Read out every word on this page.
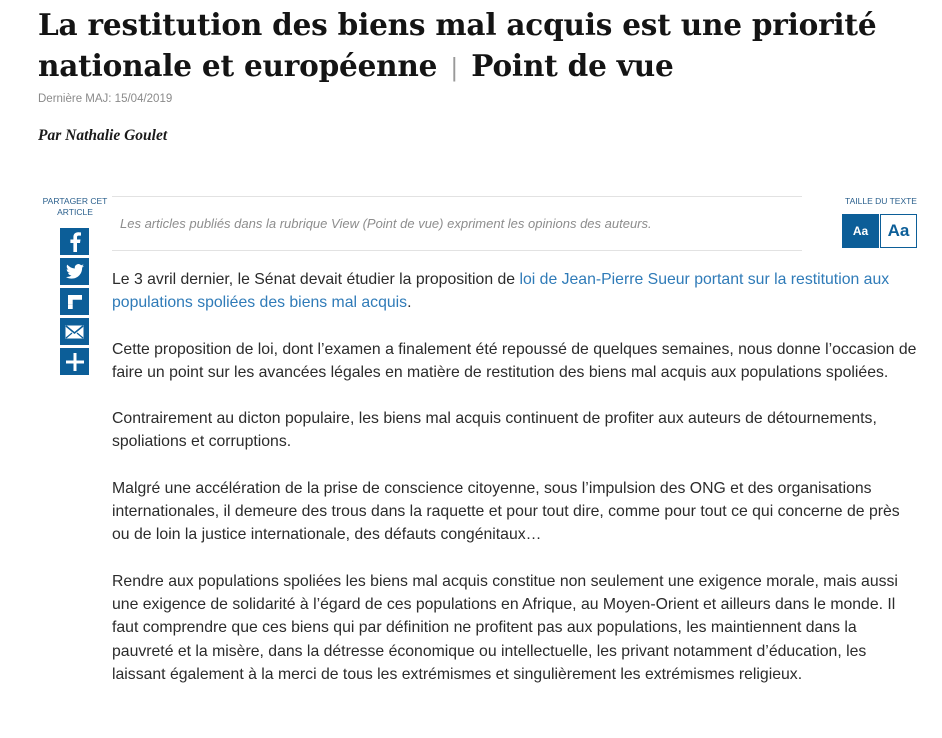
La restitution des biens mal acquis est une priorité nationale et européenne | Point de vue
Dernière MAJ: 15/04/2019
Par Nathalie Goulet
PARTAGER CET ARTICLE
Les articles publiés dans la rubrique View (Point de vue) expriment les opinions des auteurs.
TAILLE DU TEXTE
Aa	Aa

Le 3 avril dernier, le Sénat devait étudier la proposition de loi de Jean-Pierre Sueur portant sur la restitution aux populations spoliées des biens mal acquis.

Cette proposition de loi, dont l’examen a finalement été repoussé de quelques semaines, nous donne l’occasion de faire un point sur les avancées légales en matière de restitution des biens mal acquis aux populations spoliées.

Contrairement au dicton populaire, les biens mal acquis continuent de profiter aux auteurs de détournements, spoliations et corruptions.

Malgré une accélération de la prise de conscience citoyenne, sous l’impulsion des ONG et des organisations internationales, il demeure des trous dans la raquette et pour tout dire, comme pour tout ce qui concerne de près ou de loin la justice internationale, des défauts congénitaux…

Rendre aux populations spoliées les biens mal acquis constitue non seulement une exigence morale, mais aussi une exigence de solidarité à l’égard de ces populations en Afrique, au Moyen-Orient et ailleurs dans le monde. Il faut comprendre que ces biens qui par définition ne profitent pas aux populations, les maintiennent dans la pauvreté et la misère, dans la détresse économique ou intellectuelle, les privant notamment d’éducation, les laissant également à la merci de tous les extrémismes et singulièrement les extrémismes religieux.
